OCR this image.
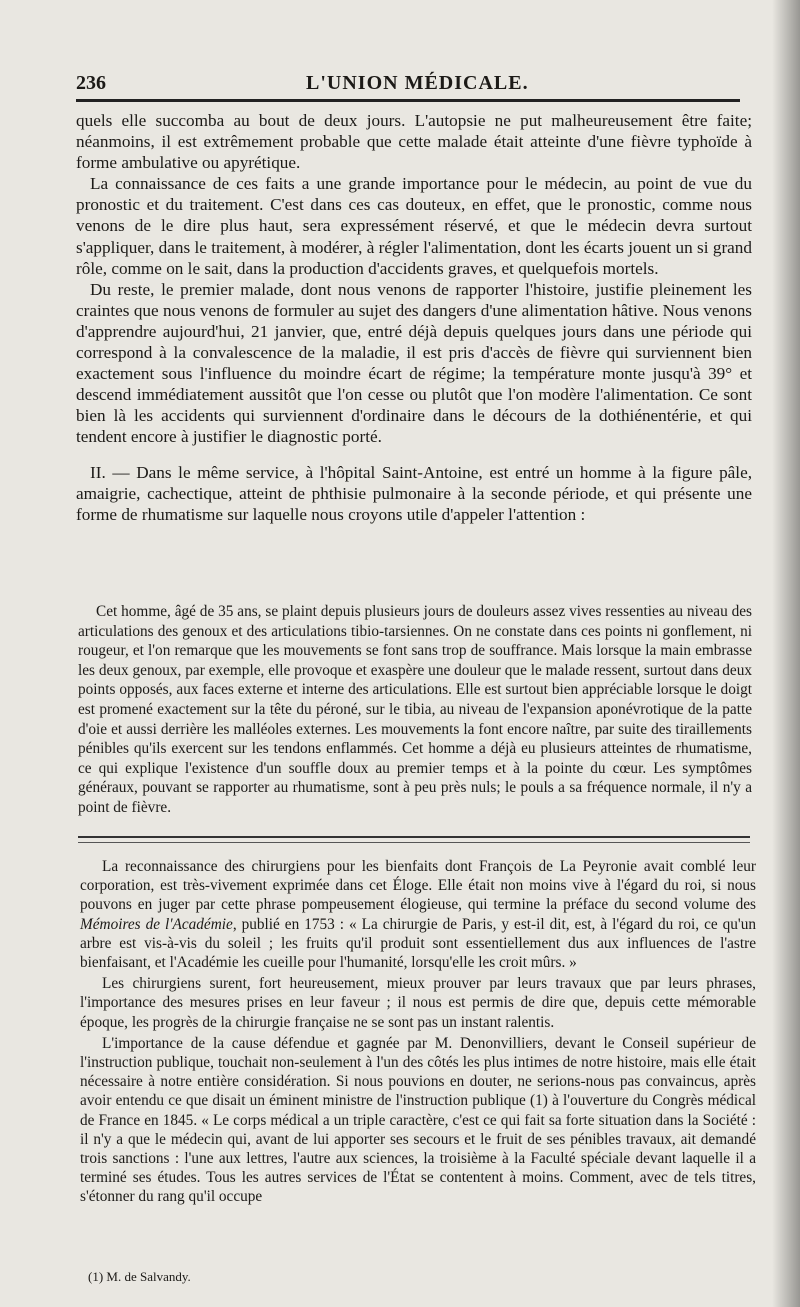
236	L'UNION MÉDICALE.

quels elle succomba au bout de deux jours. L'autopsie ne put malheureusement être faite; néanmoins, il est extrêmement probable que cette malade était atteinte d'une fièvre typhoïde à forme ambulative ou apyrétique.

La connaissance de ces faits a une grande importance pour le médecin, au point de vue du pronostic et du traitement. C'est dans ces cas douteux, en effet, que le pronostic, comme nous venons de le dire plus haut, sera expressément réservé, et que le médecin devra surtout s'appliquer, dans le traitement, à modérer, à régler l'alimentation, dont les écarts jouent un si grand rôle, comme on le sait, dans la production d'accidents graves, et quelquefois mortels.

Du reste, le premier malade, dont nous venons de rapporter l'histoire, justifie pleinement les craintes que nous venons de formuler au sujet des dangers d'une alimentation hâtive. Nous venons d'apprendre aujourd'hui, 21 janvier, que, entré déjà depuis quelques jours dans une période qui correspond à la convalescence de la maladie, il est pris d'accès de fièvre qui surviennent bien exactement sous l'influence du moindre écart de régime; la température monte jusqu'à 39° et descend immédiatement aussitôt que l'on cesse ou plutôt que l'on modère l'alimentation. Ce sont bien là les accidents qui surviennent d'ordinaire dans le décours de la dothiénentérie, et qui tendent encore à justifier le diagnostic porté.

II. — Dans le même service, à l'hôpital Saint-Antoine, est entré un homme à la figure pâle, amaigrie, cachectique, atteint de phthisie pulmonaire à la seconde période, et qui présente une forme de rhumatisme sur laquelle nous croyons utile d'appeler l'attention :

Cet homme, âgé de 35 ans, se plaint depuis plusieurs jours de douleurs assez vives ressenties au niveau des articulations des genoux et des articulations tibio-tarsiennes. On ne constate dans ces points ni gonflement, ni rougeur, et l'on remarque que les mouvements se font sans trop de souffrance. Mais lorsque la main embrasse les deux genoux, par exemple, elle provoque et exaspère une douleur que le malade ressent, surtout dans deux points opposés, aux faces externe et interne des articulations. Elle est surtout bien appréciable lorsque le doigt est promené exactement sur la tête du péroné, sur le tibia, au niveau de l'expansion aponévrotique de la patte d'oie et aussi derrière les malléoles externes. Les mouvements la font encore naître, par suite des tiraillements pénibles qu'ils exercent sur les tendons enflammés. Cet homme a déjà eu plusieurs atteintes de rhumatisme, ce qui explique l'existence d'un souffle doux au premier temps et à la pointe du cœur. Les symptômes généraux, pouvant se rapporter au rhumatisme, sont à peu près nuls; le pouls a sa fréquence normale, il n'y a point de fièvre.

La reconnaissance des chirurgiens pour les bienfaits dont François de La Peyronie avait comblé leur corporation, est très-vivement exprimée dans cet Éloge. Elle était non moins vive à l'égard du roi, si nous pouvons en juger par cette phrase pompeusement élogieuse, qui termine la préface du second volume des Mémoires de l'Académie, publié en 1753 : « La chirurgie de Paris, y est-il dit, est, à l'égard du roi, ce qu'un arbre est vis-à-vis du soleil ; les fruits qu'il produit sont essentiellement dus aux influences de l'astre bienfaisant, et l'Académie les cueille pour l'humanité, lorsqu'elle les croit mûrs. »

Les chirurgiens surent, fort heureusement, mieux prouver par leurs travaux que par leurs phrases, l'importance des mesures prises en leur faveur ; il nous est permis de dire que, depuis cette mémorable époque, les progrès de la chirurgie française ne se sont pas un instant ralentis.

L'importance de la cause défendue et gagnée par M. Denonvilliers, devant le Conseil supérieur de l'instruction publique, touchait non-seulement à l'un des côtés les plus intimes de notre histoire, mais elle était nécessaire à notre entière considération. Si nous pouvions en douter, ne serions-nous pas convaincus, après avoir entendu ce que disait un éminent ministre de l'instruction publique (1) à l'ouverture du Congrès médical de France en 1845. « Le corps médical a un triple caractère, c'est ce qui fait sa forte situation dans la Société : il n'y a que le médecin qui, avant de lui apporter ses secours et le fruit de ses pénibles travaux, ait demandé trois sanctions : l'une aux lettres, l'autre aux sciences, la troisième à la Faculté spéciale devant laquelle il a terminé ses études. Tous les autres services de l'État se contentent à moins. Comment, avec de tels titres, s'étonner du rang qu'il occupe

(1) M. de Salvandy.
